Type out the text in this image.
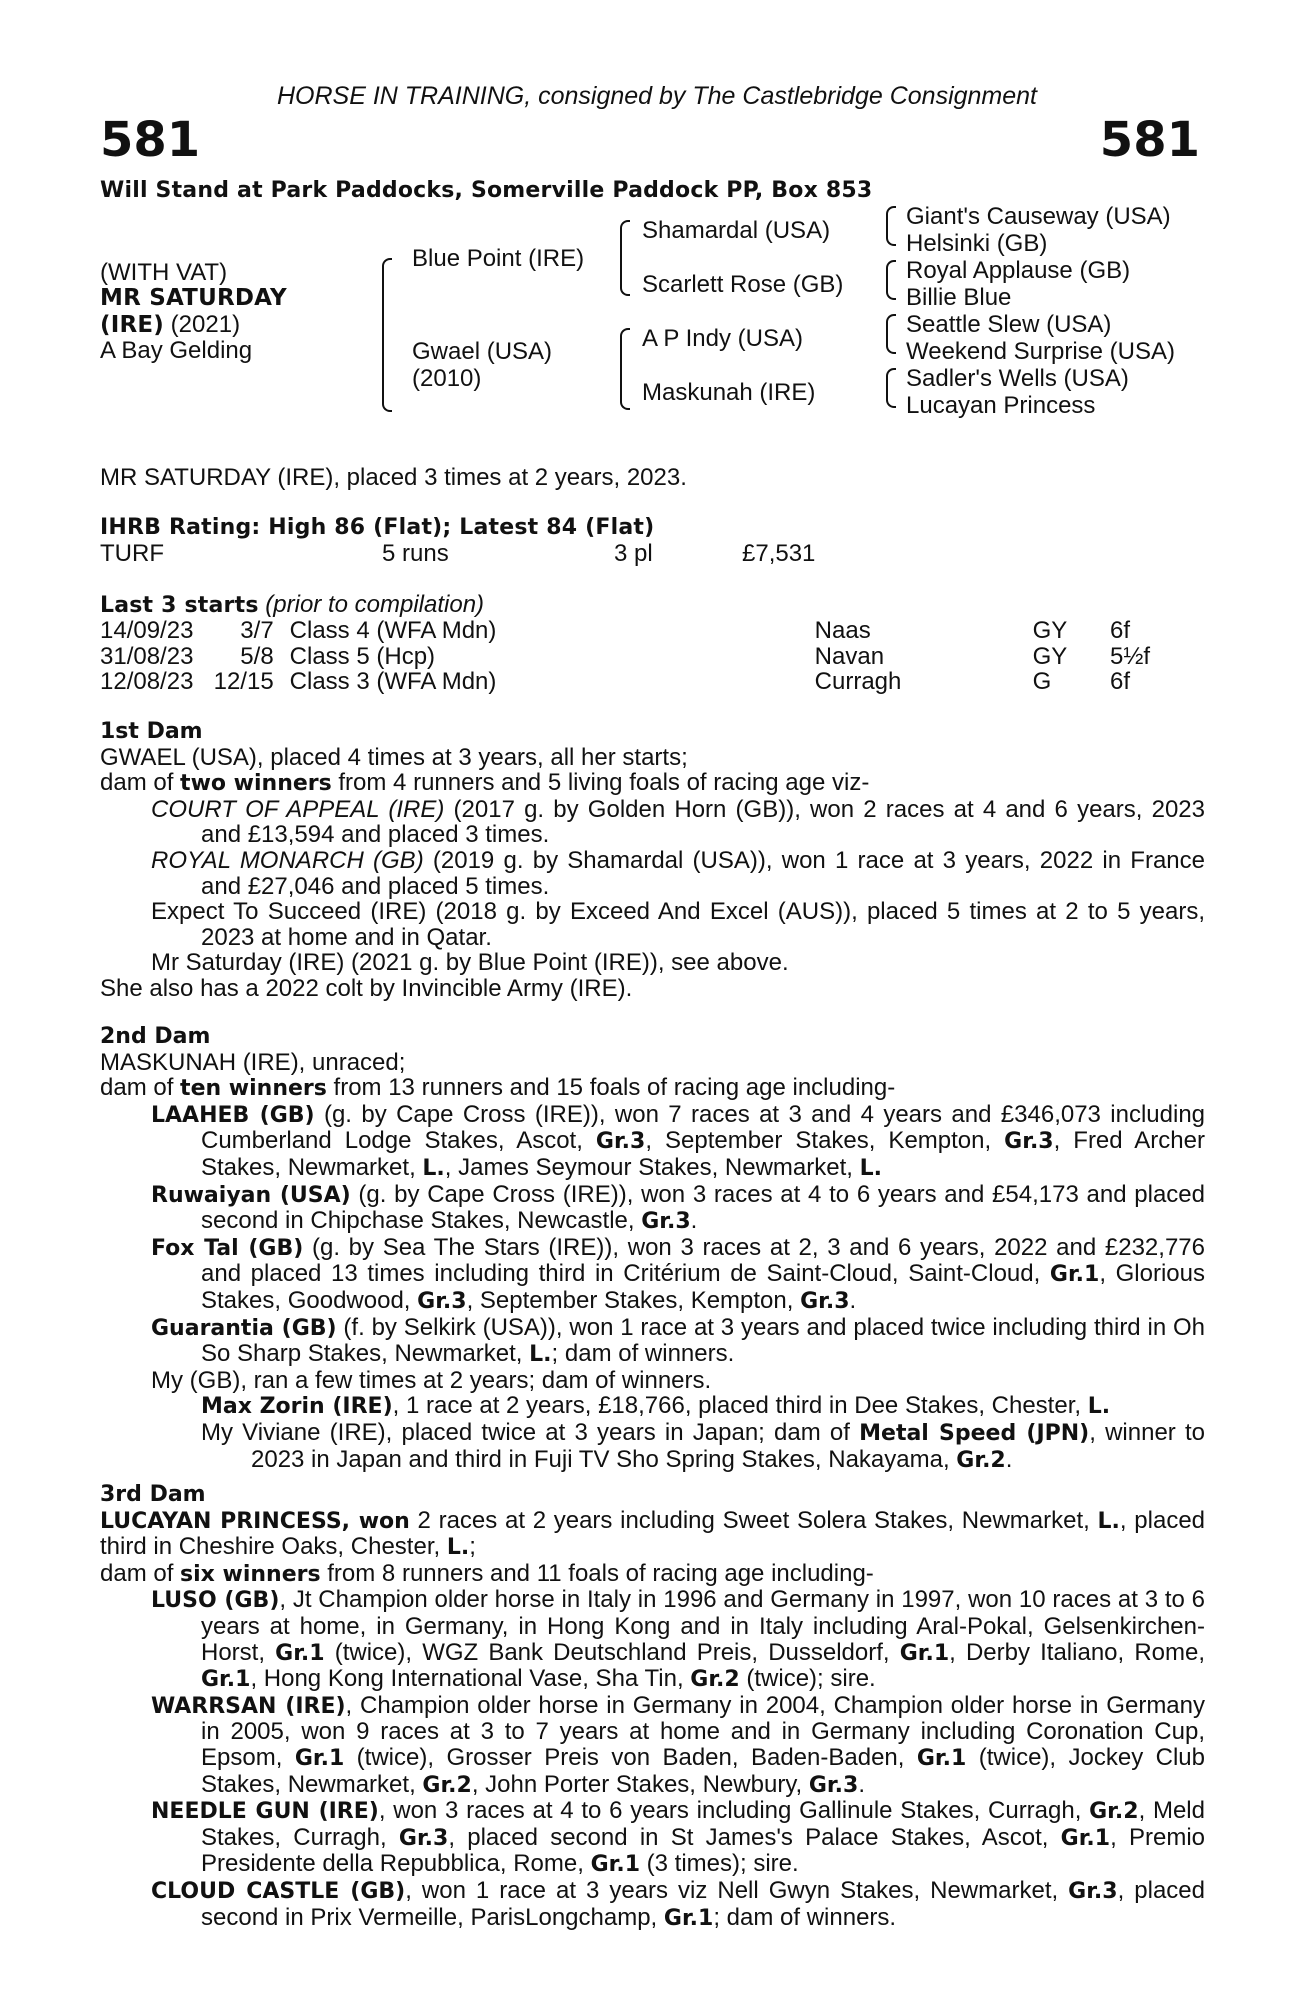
HORSE IN TRAINING, consigned by The Castlebridge Consignment
581	581
Will Stand at Park Paddocks, Somerville Paddock PP, Box 853
(WITH VAT)
MR SATURDAY
(IRE) (2021)
A Bay Gelding
Blue Point (IRE)
Gwael (USA)
(2010)
Shamardal (USA)
Scarlett Rose (GB)
A P Indy (USA)
Maskunah (IRE)
Giant's Causeway (USA)
Helsinki (GB)
Royal Applause (GB)
Billie Blue
Seattle Slew (USA)
Weekend Surprise (USA)
Sadler's Wells (USA)
Lucayan Princess
MR SATURDAY (IRE), placed 3 times at 2 years, 2023.
IHRB Rating: High 86 (Flat); Latest 84 (Flat)
TURF	5 runs	3 pl	£7,531
Last 3 starts (prior to compilation)
14/09/23	3/7	Class 4 (WFA Mdn)	Naas	GY	6f
31/08/23	5/8	Class 5 (Hcp)	Navan	GY	5½f
12/08/23	12/15	Class 3 (WFA Mdn)	Curragh	G	6f

1st Dam

GWAEL (USA), placed 4 times at 3 years, all her starts;

dam of two winners from 4 runners and 5 living foals of racing age viz-

COURT OF APPEAL (IRE) (2017 g. by Golden Horn (GB)), won 2 races at 4 and 6 years, 2023 and £13,594 and placed 3 times.

ROYAL MONARCH (GB) (2019 g. by Shamardal (USA)), won 1 race at 3 years, 2022 in France and £27,046 and placed 5 times.

Expect To Succeed (IRE) (2018 g. by Exceed And Excel (AUS)), placed 5 times at 2 to 5 years, 2023 at home and in Qatar.

Mr Saturday (IRE) (2021 g. by Blue Point (IRE)), see above.

She also has a 2022 colt by Invincible Army (IRE).

2nd Dam

MASKUNAH (IRE), unraced;

dam of ten winners from 13 runners and 15 foals of racing age including-

LAAHEB (GB) (g. by Cape Cross (IRE)), won 7 races at 3 and 4 years and £346,073 including Cumberland Lodge Stakes, Ascot, Gr.3, September Stakes, Kempton, Gr.3, Fred Archer Stakes, Newmarket, L., James Seymour Stakes, Newmarket, L.

Ruwaiyan (USA) (g. by Cape Cross (IRE)), won 3 races at 4 to 6 years and £54,173 and placed second in Chipchase Stakes, Newcastle, Gr.3.

Fox Tal (GB) (g. by Sea The Stars (IRE)), won 3 races at 2, 3 and 6 years, 2022 and £232,776 and placed 13 times including third in Critérium de Saint-Cloud, Saint-Cloud, Gr.1, Glorious Stakes, Goodwood, Gr.3, September Stakes, Kempton, Gr.3.

Guarantia (GB) (f. by Selkirk (USA)), won 1 race at 3 years and placed twice including third in Oh So Sharp Stakes, Newmarket, L.; dam of winners.

My (GB), ran a few times at 2 years; dam of winners.

Max Zorin (IRE), 1 race at 2 years, £18,766, placed third in Dee Stakes, Chester, L.

My Viviane (IRE), placed twice at 3 years in Japan; dam of Metal Speed (JPN), winner to 2023 in Japan and third in Fuji TV Sho Spring Stakes, Nakayama, Gr.2.

3rd Dam

LUCAYAN PRINCESS, won 2 races at 2 years including Sweet Solera Stakes, Newmarket, L., placed third in Cheshire Oaks, Chester, L.;

dam of six winners from 8 runners and 11 foals of racing age including-

LUSO (GB), Jt Champion older horse in Italy in 1996 and Germany in 1997, won 10 races at 3 to 6 years at home, in Germany, in Hong Kong and in Italy including Aral-Pokal, Gelsenkirchen-Horst, Gr.1 (twice), WGZ Bank Deutschland Preis, Dusseldorf, Gr.1, Derby Italiano, Rome, Gr.1, Hong Kong International Vase, Sha Tin, Gr.2 (twice); sire.

WARRSAN (IRE), Champion older horse in Germany in 2004, Champion older horse in Germany in 2005, won 9 races at 3 to 7 years at home and in Germany including Coronation Cup, Epsom, Gr.1 (twice), Grosser Preis von Baden, Baden-Baden, Gr.1 (twice), Jockey Club Stakes, Newmarket, Gr.2, John Porter Stakes, Newbury, Gr.3.

NEEDLE GUN (IRE), won 3 races at 4 to 6 years including Gallinule Stakes, Curragh, Gr.2, Meld Stakes, Curragh, Gr.3, placed second in St James's Palace Stakes, Ascot, Gr.1, Premio Presidente della Repubblica, Rome, Gr.1 (3 times); sire.

CLOUD CASTLE (GB), won 1 race at 3 years viz Nell Gwyn Stakes, Newmarket, Gr.3, placed second in Prix Vermeille, ParisLongchamp, Gr.1; dam of winners.
